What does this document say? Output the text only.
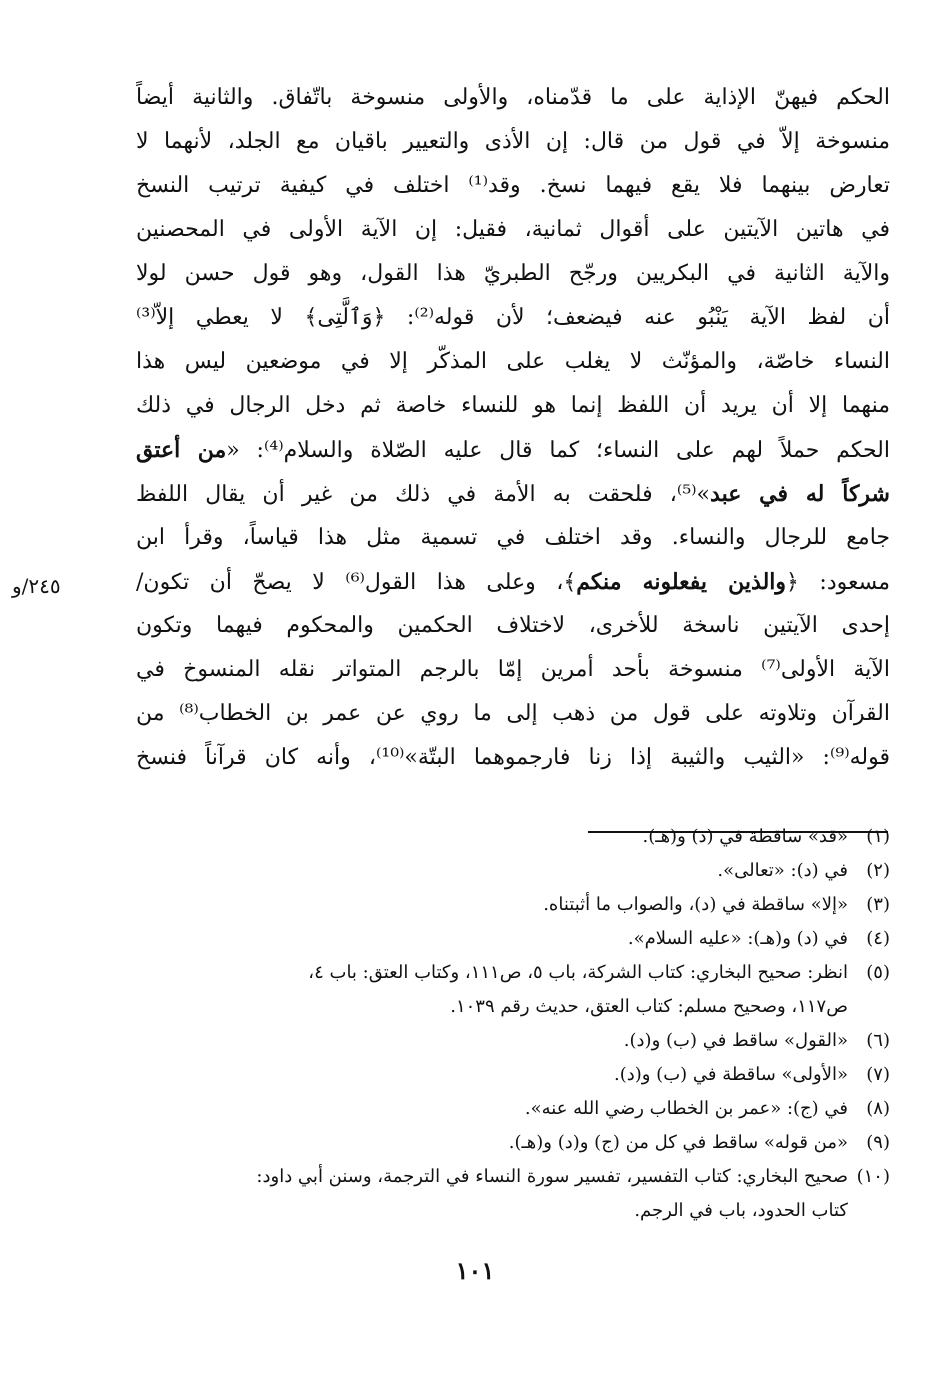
الحكم فيهنّ الإذاية على ما قدّمناه، والأولى منسوخة باتّفاق. والثانية أيضاً
منسوخة إلاّ في قول من قال: إن الأذى والتعيير باقيان مع الجلد، لأنهما لا
تعارض بينهما فلا يقع فيهما نسخ. وقد⁽¹⁾ اختلف في كيفية ترتيب النسخ
في هاتين الآيتين على أقوال ثمانية، فقيل: إن الآية الأولى في المحصنين
والآية الثانية في البكريين ورجّح الطبريّ هذا القول، وهو قول حسن لولا
أن لفظ الآية يَنْبُو عنه فيضعف؛ لأن قوله⁽²⁾: ﴿وَٱلَّتِى﴾ لا يعطي إلاّ⁽³⁾
النساء خاصّة، والمؤنّث لا يغلب على المذكّر إلا في موضعين ليس هذا
منهما إلا أن يريد أن اللفظ إنما هو للنساء خاصة ثم دخل الرجال في ذلك
الحكم حملاً لهم على النساء؛ كما قال عليه الصّلاة والسلام⁽⁴⁾: «من أعتق
شركاً له في عبد»⁽⁵⁾، فلحقت به الأمة في ذلك من غير أن يقال اللفظ
جامع للرجال والنساء. وقد اختلف في تسمية مثل هذا قياساً، وقرأ ابن
مسعود: ﴿والذين يفعلونه منكم﴾، وعلى هذا القول⁽⁶⁾ لا يصحّ أن تكون/
إحدى الآيتين ناسخة للأخرى، لاختلاف الحكمين والمحكوم فيهما وتكون
الآية الأولى⁽⁷⁾ منسوخة بأحد أمرين إمّا بالرجم المتواتر نقله المنسوخ في
القرآن وتلاوته على قول من ذهب إلى ما روي عن عمر بن الخطاب⁽⁸⁾ من
قوله⁽⁹⁾: «الثيب والثيبة إذا زنا فارجموهما البتّة»⁽¹⁰⁾، وأنه كان قرآناً فنسخ
٢٤٥/و
(١)
«قد» ساقطة في (د) و(هـ).
(٢)
في (د): «تعالى».
(٣)
«إلا» ساقطة في (د)، والصواب ما أثبتناه.
(٤)
في (د) و(هـ): «عليه السلام».
(٥)
انظر: صحيح البخاري: كتاب الشركة، باب ٥، ص١١١، وكتاب العتق: باب ٤،
ص١١٧، وصحيح مسلم: كتاب العتق، حديث رقم ١٠٣٩.
(٦)
«القول» ساقط في (ب) و(د).
(٧)
«الأولى» ساقطة في (ب) و(د).
(٨)
في (ج): «عمر بن الخطاب رضي الله عنه».
(٩)
«من قوله» ساقط في كل من (ج) و(د) و(هـ).
(١٠)
صحيح البخاري: كتاب التفسير، تفسير سورة النساء في الترجمة، وسنن أبي داود:
كتاب الحدود، باب في الرجم.
١٠١
